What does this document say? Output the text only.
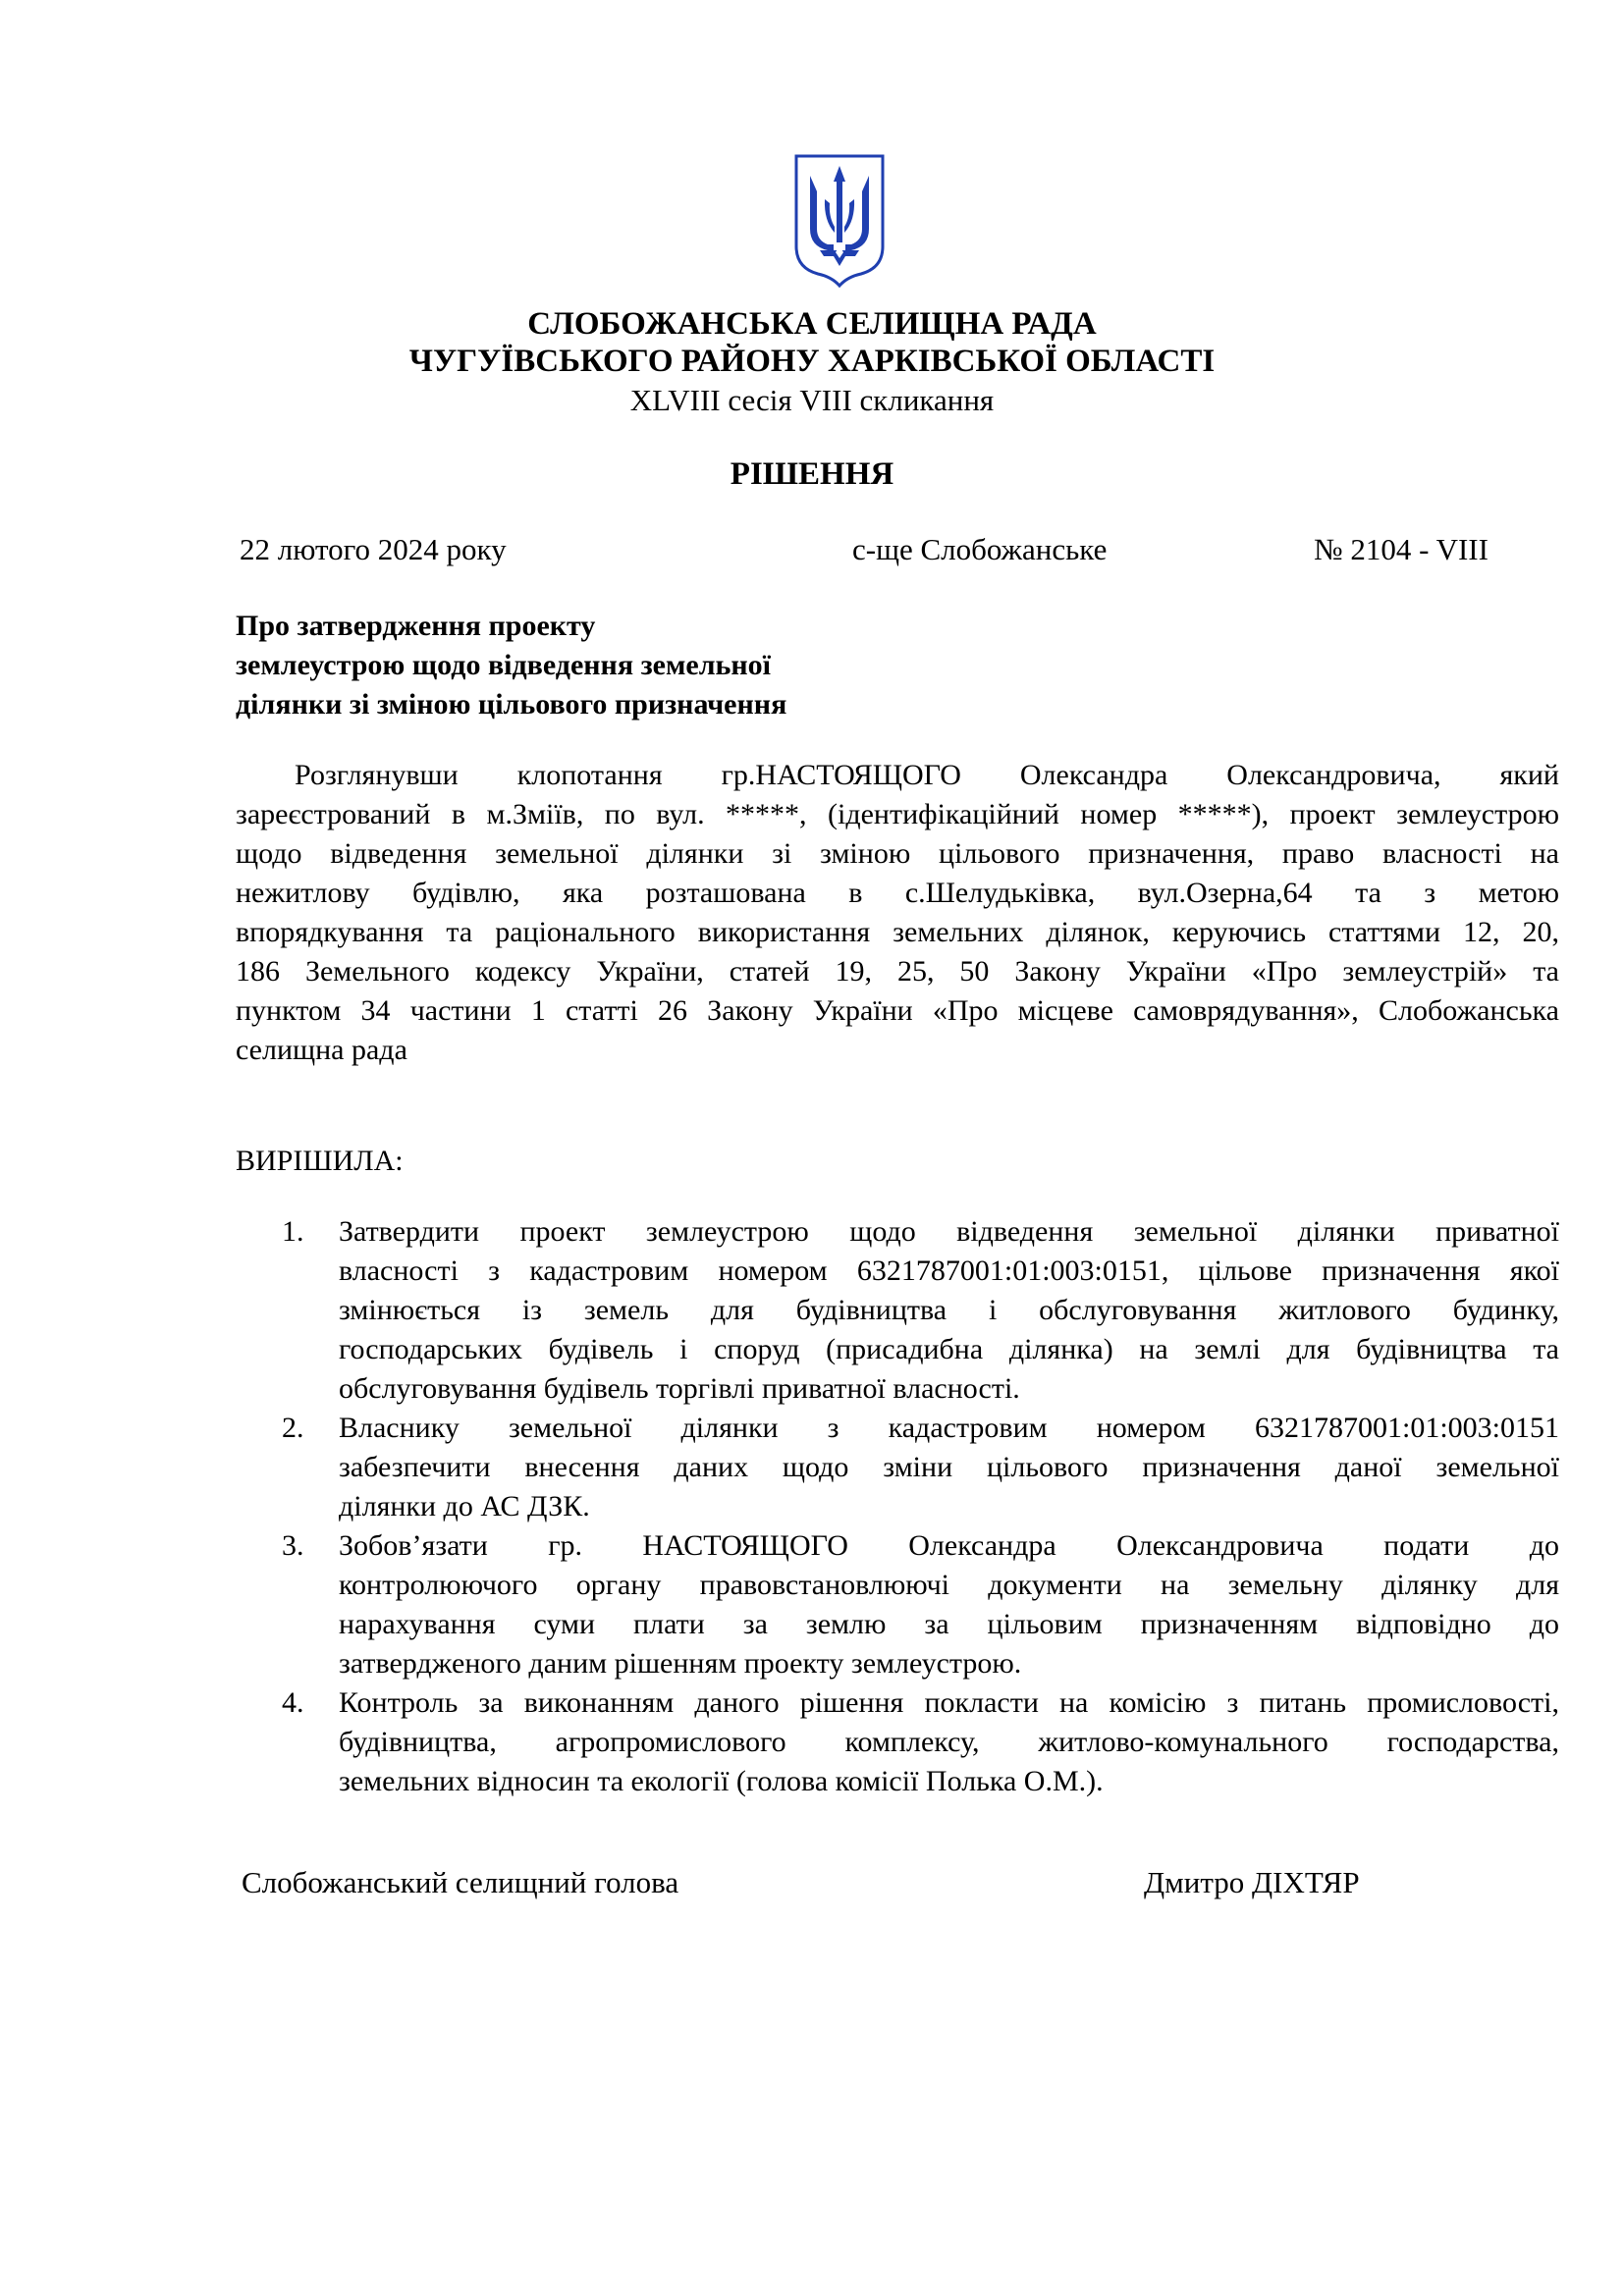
СЛОБОЖАНСЬКА СЕЛИЩНА РАДА
ЧУГУЇВСЬКОГО РАЙОНУ ХАРКІВСЬКОЇ ОБЛАСТІ
XLVIII сесія VIII скликання
РІШЕННЯ
22 лютого 2024 року	с-ще Слобожанське	№ 2104 - VIII
Про затвердження проекту
землеустрою щодо відведення земельної
ділянки зі зміною цільового призначення
Розглянувши клопотання гр.НАСТОЯЩОГО Олександра Олександровича, який
зареєстрований в м.Зміїв, по вул. *****, (ідентифікаційний номер *****), проект землеустрою
щодо відведення земельної ділянки зі зміною цільового призначення, право власності на
нежитлову будівлю, яка розташована в с.Шелудьківка, вул.Озерна,64 та з метою
впорядкування та раціонального використання земельних ділянок, керуючись статтями 12, 20,
186 Земельного кодексу України, статей 19, 25, 50 Закону України «Про землеустрій» та
пунктом 34 частини 1 статті 26 Закону України «Про місцеве самоврядування», Слобожанська
селищна рада
ВИРІШИЛА:
1. Затвердити проект землеустрою щодо відведення земельної ділянки приватної
власності з кадастровим номером 6321787001:01:003:0151, цільове призначення якої
змінюється із земель для будівництва і обслуговування житлового будинку,
господарських будівель і споруд (присадибна ділянка) на землі для будівництва та
обслуговування будівель торгівлі приватної власності.
2. Власнику земельної ділянки з кадастровим номером 6321787001:01:003:0151
забезпечити внесення даних щодо зміни цільового призначення даної земельної
ділянки до АС ДЗК.
3. Зобов’язати гр. НАСТОЯЩОГО Олександра Олександровича подати до
контролюючого органу правовстановлюючі документи на земельну ділянку для
нарахування суми плати за землю за цільовим призначенням відповідно до
затвердженого даним рішенням проекту землеустрою.
4. Контроль за виконанням даного рішення покласти на комісію з питань промисловості,
будівництва, агропромислового комплексу, житлово-комунального господарства,
земельних відносин та екології (голова комісії Полька О.М.).
Слобожанський селищний голова	Дмитро ДІХТЯР
